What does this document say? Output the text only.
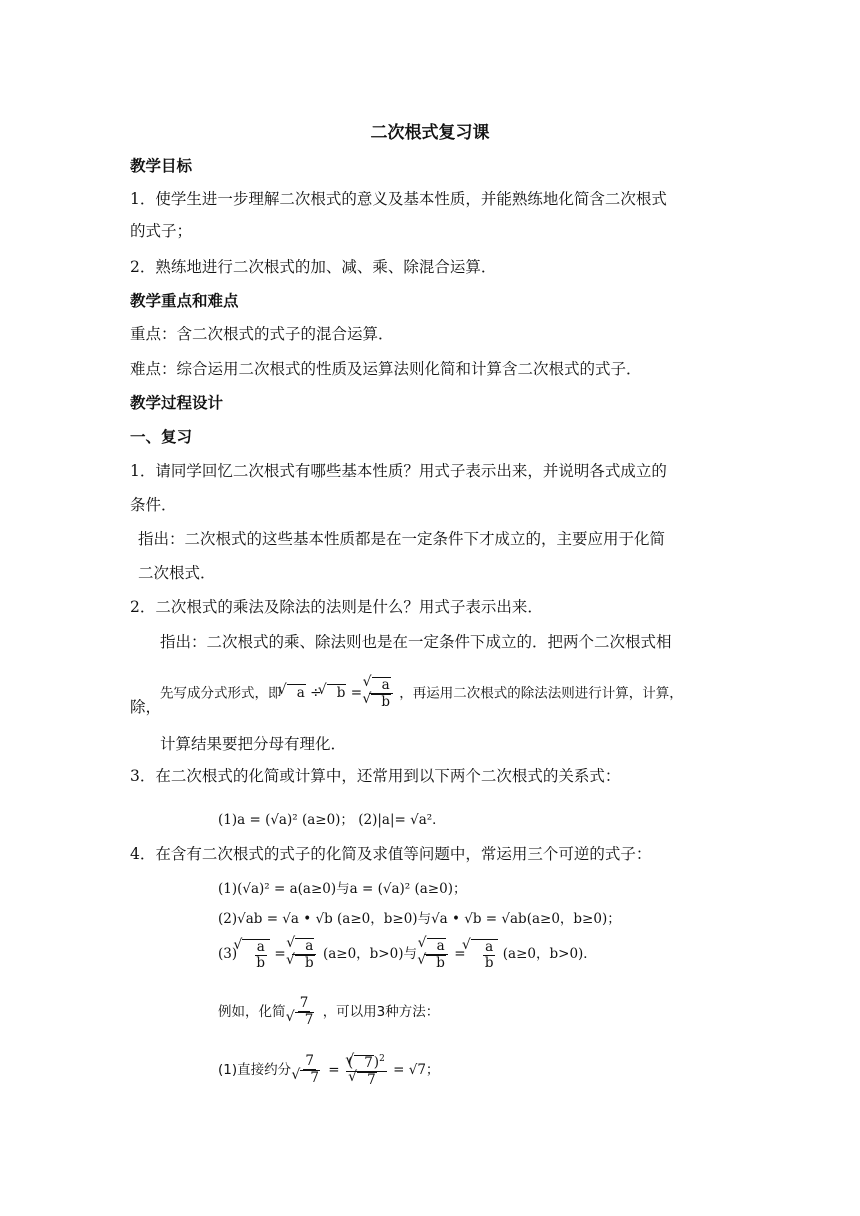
二次根式复习课
教学目标
1．使学生进一步理解二次根式的意义及基本性质，并能熟练地化简含二次根式
的式子；
2．熟练地进行二次根式的加、减、乘、除混合运算．
教学重点和难点
重点：含二次根式的式子的混合运算．
难点：综合运用二次根式的性质及运算法则化简和计算含二次根式的式子．
教学过程设计
一、复习
1．请同学回忆二次根式有哪些基本性质？用式子表示出来，并说明各式成立的
条件．
指出：二次根式的这些基本性质都是在一定条件下才成立的，主要应用于化简
二次根式．
2．二次根式的乘法及除法的法则是什么？用式子表示出来．
指出：二次根式的乘、除法则也是在一定条件下成立的．把两个二次根式相
先写成分式形式，即 √ a ÷ √ b = √ a
√ b ，再运用二次根式的除法法则进行计算，计算，
除，
计算结果要把分母有理化．
3．在二次根式的化简或计算中，还常用到以下两个二次根式的关系式：
(1)a = (√a)² (a≥0)； (2)|a|= √a²．
4．在含有二次根式的式子的化简及求值等问题中，常运用三个可逆的式子：
(1)(√a)² = a(a≥0)与a = (√a)² (a≥0)；
(2)√ab = √a • √b (a≥0，b≥0)与√a • √b = √ab(a≥0，b≥0)；
(3) √ $\frac{a}{b}$ = √ a
√ b (a≥0，b>0)与 √ a
√ b = √ $\frac{a}{b} (a\ge 0$，b>0)．
例如，化简 7
√ 7 ，可以用3种方法：
(1)直接约分 7
√ 7 = ( √ 7)$^2$
√ 7 = √7；
